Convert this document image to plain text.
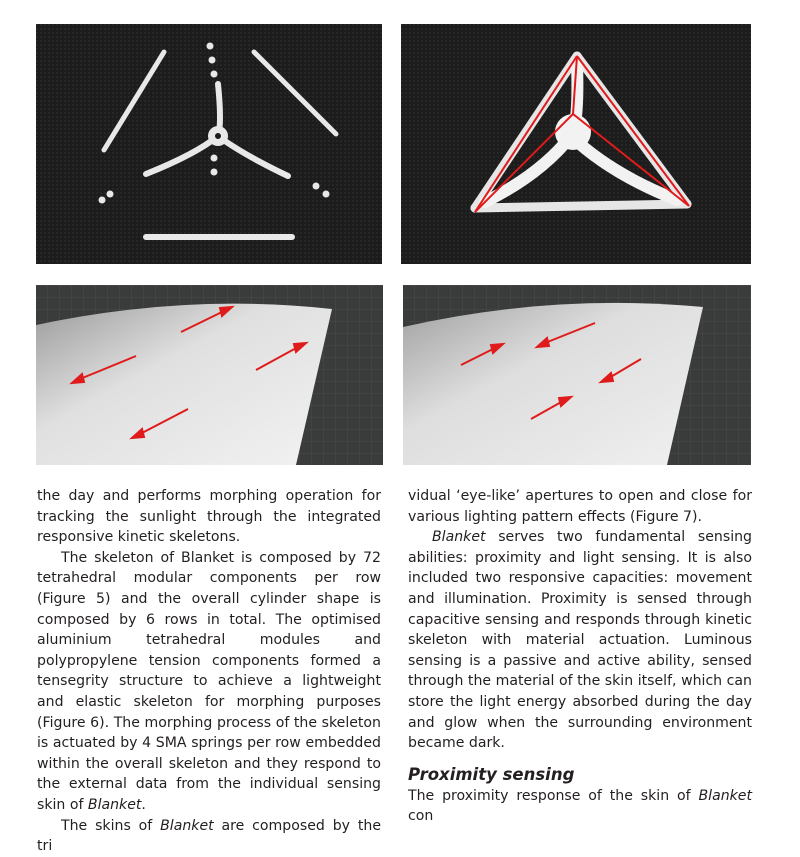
the day and performs morphing operation for tracking the sunlight through the integrated responsive kinetic skeletons.

The skeleton of Blanket is composed by 72 tetrahedral modular components per row (Figure 5) and the overall cylinder shape is composed by 6 rows in total. The optimised aluminium tetrahedral modules and polypropylene tension components formed a tensegrity structure to achieve a lightweight and elastic skeleton for morphing purposes (Figure 6). The morphing process of the skeleton is actuated by 4 SMA springs per row embedded within the overall skeleton and they respond to the external data from the individual sensing skin of Blanket.

The skins of Blanket are composed by the tri

vidual ‘eye-like’ apertures to open and close for various lighting pattern effects (Figure 7).

Blanket serves two fundamental sensing abilities: proximity and light sensing. It is also included two responsive capacities: movement and illumination. Proximity is sensed through capacitive sensing and responds through kinetic skeleton with material actuation. Luminous sensing is a passive and active ability, sensed through the material of the skin itself, which can store the light energy absorbed during the day and glow when the surrounding environment became dark.

Proximity sensing

The proximity response of the skin of Blanket con
